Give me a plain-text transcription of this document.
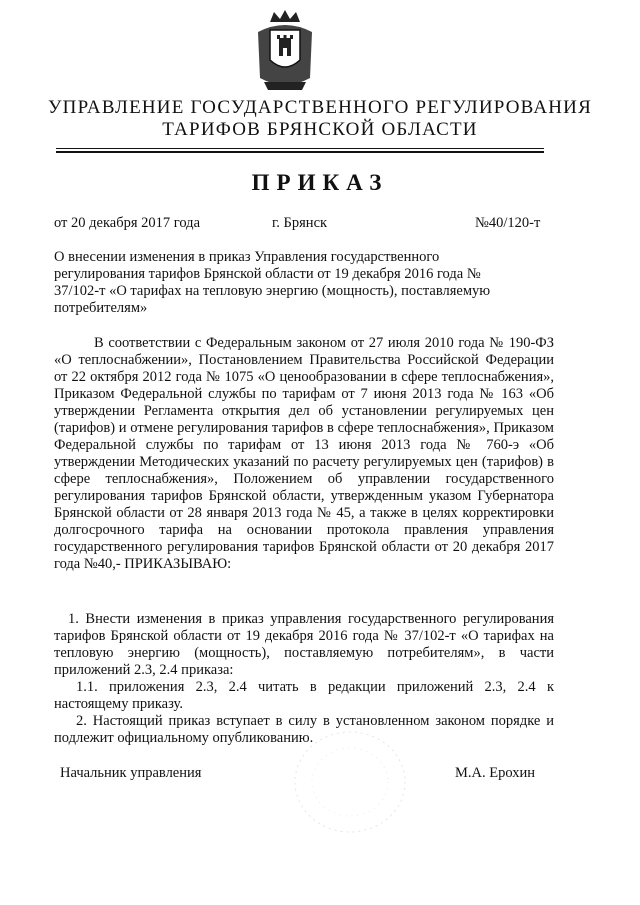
УПРАВЛЕНИЕ ГОСУДАРСТВЕННОГО РЕГУЛИРОВАНИЯ
ТАРИФОВ БРЯНСКОЙ ОБЛАСТИ
ПРИКАЗ
от 20 декабря 2017 года	г. Брянск	№40/120-т
О внесении изменения в приказ Управления государственного регулирования тарифов Брянской области от 19 декабря 2016 года № 37/102-т «О тарифах на тепловую энергию (мощность), поставляемую потребителям»
В соответствии с Федеральным законом от 27 июля 2010 года № 190-ФЗ «О теплоснабжении», Постановлением Правительства Российской Федерации от 22 октября 2012 года № 1075 «О ценообразовании в сфере теплоснабжения», Приказом Федеральной службы по тарифам от 7 июня 2013 года № 163 «Об утверждении Регламента открытия дел об установлении регулируемых цен (тарифов) и отмене регулирования тарифов в сфере теплоснабжения», Приказом Федеральной службы по тарифам от 13 июня 2013 года № 760-э «Об утверждении Методических указаний по расчету регулируемых цен (тарифов) в сфере теплоснабжения», Положением об управлении государственного регулирования тарифов Брянской области, утвержденным указом Губернатора Брянской области от 28 января 2013 года № 45, а также в целях корректировки долгосрочного тарифа на основании протокола правления управления государственного регулирования тарифов Брянской области от 20 декабря 2017 года №40,- ПРИКАЗЫВАЮ:

1. Внести изменения в приказ управления государственного регулирования тарифов Брянской области от 19 декабря 2016 года № 37/102-т «О тарифах на тепловую энергию (мощность), поставляемую потребителям», в части приложений 2.3, 2.4 приказа:

1.1. приложения 2.3, 2.4 читать в редакции приложений 2.3, 2.4 к настоящему приказу.

2. Настоящий приказ вступает в силу в установленном законом порядке и подлежит официальному опубликованию.

Начальник управления	М.А. Ерохин
